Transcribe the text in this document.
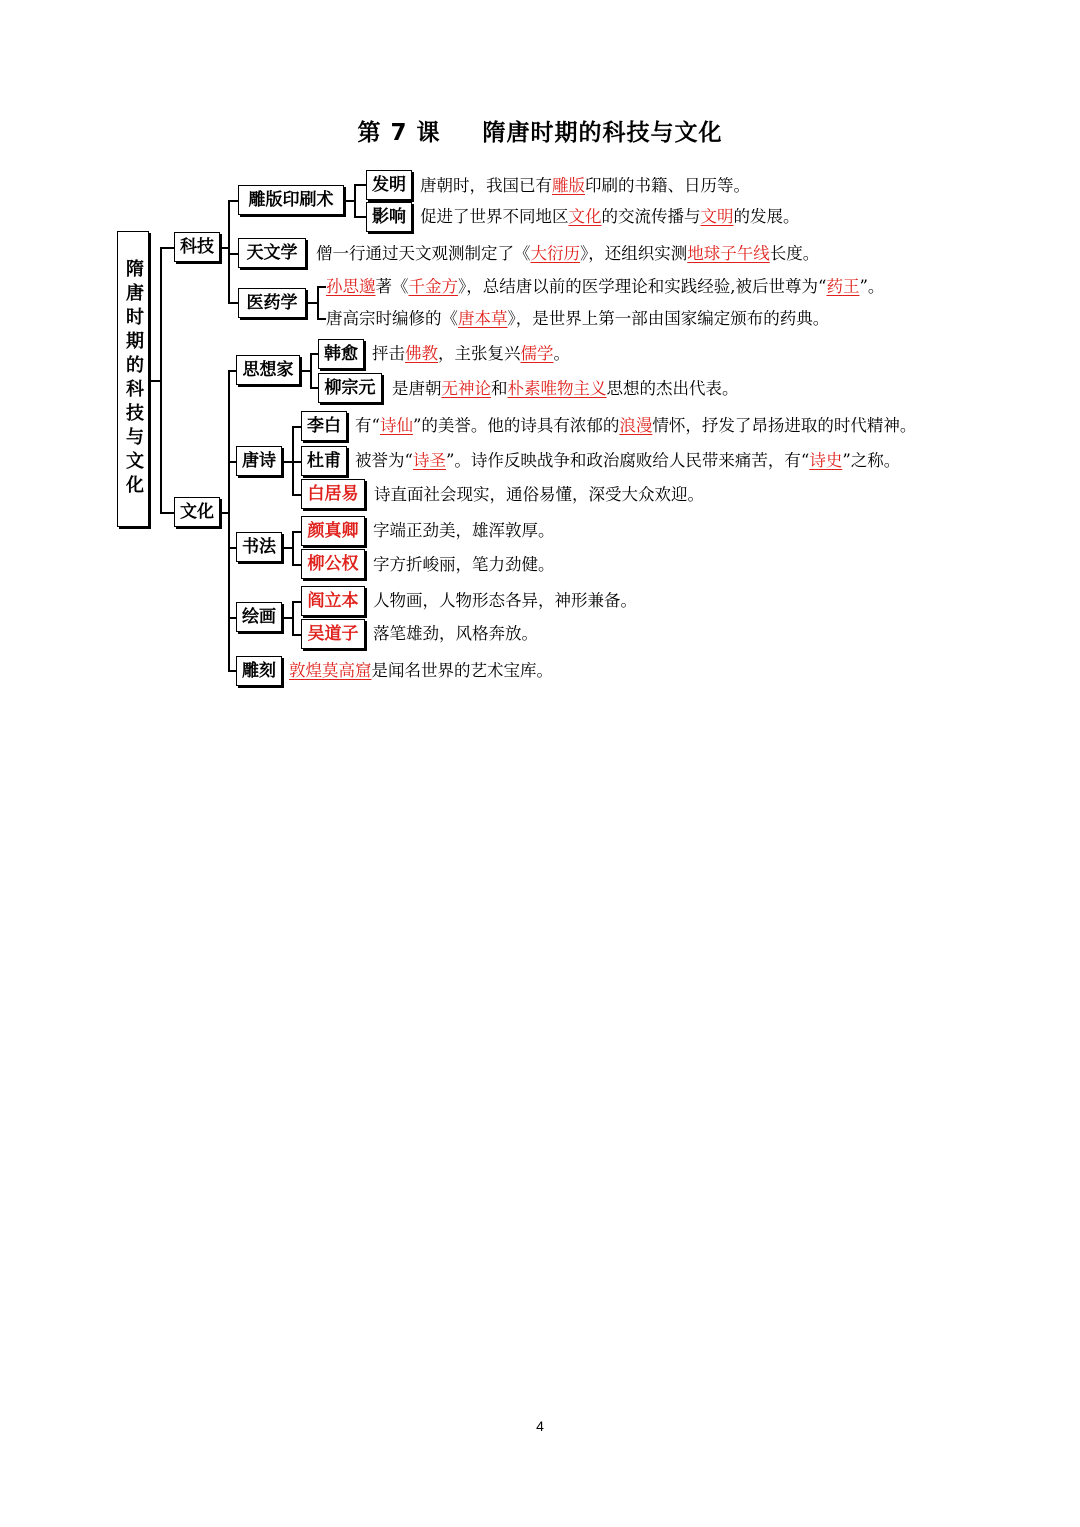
第 7 课 隋唐时期的科技与文化
隋唐时期的科技与文化
科技
雕版印刷术
发明 唐朝时，我国已有雕版印刷的书籍、日历等。
影响 促进了世界不同地区文化的交流传播与文明的发展。
天文学	僧一行通过天文观测制定了《大衍历》，还组织实测地球子午线长度。
医药学
孙思邈著《千金方》，总结唐以前的医学理论和实践经验,被后世尊为“药王”。
唐高宗时编修的《唐本草》，是世界上第一部由国家编定颁布的药典。
文化
思想家
韩愈 抨击佛教，主张复兴儒学。
柳宗元	是唐朝无神论和朴素唯物主义思想的杰出代表。
唐诗
李白 有“诗仙”的美誉。他的诗具有浓郁的浪漫情怀，抒发了昂扬进取的时代精神。
杜甫 被誉为“诗圣”。诗作反映战争和政治腐败给人民带来痛苦，有“诗史”之称。
白居易 诗直面社会现实，通俗易懂，深受大众欢迎。
书法
颜真卿 字端正劲美，雄浑敦厚。
柳公权 字方折峻丽，笔力劲健。
绘画
阎立本 人物画，人物形态各异，神形兼备。
吴道子 落笔雄劲，风格奔放。
雕刻 敦煌莫高窟是闻名世界的艺术宝库。
4
